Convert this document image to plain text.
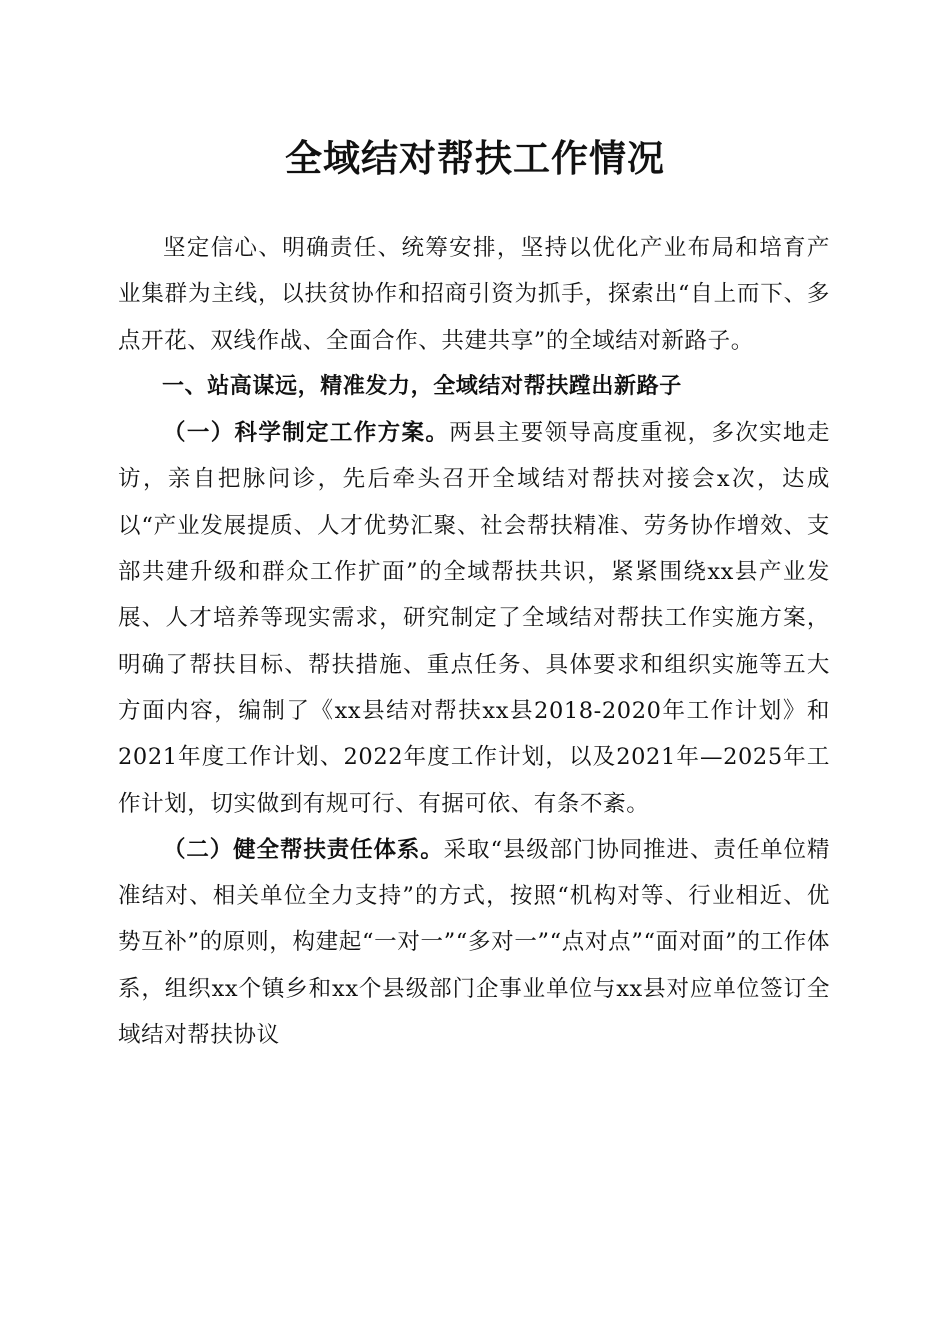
全域结对帮扶工作情况

坚定信心、明确责任、统筹安排，坚持以优化产业布局和培育产业集群为主线，以扶贫协作和招商引资为抓手，探索出“自上而下、多点开花、双线作战、全面合作、共建共享”的全域结对新路子。

一、站高谋远，精准发力，全域结对帮扶蹚出新路子

（一）科学制定工作方案。两县主要领导高度重视，多次实地走访，亲自把脉问诊，先后牵头召开全域结对帮扶对接会x次，达成以“产业发展提质、人才优势汇聚、社会帮扶精准、劳务协作增效、支部共建升级和群众工作扩面”的全域帮扶共识，紧紧围绕xx县产业发展、人才培养等现实需求，研究制定了全域结对帮扶工作实施方案，明确了帮扶目标、帮扶措施、重点任务、具体要求和组织实施等五大方面内容，编制了《xx县结对帮扶xx县2018-2020年工作计划》和2021年度工作计划、2022年度工作计划，以及2021年—2025年工作计划，切实做到有规可行、有据可依、有条不紊。

（二）健全帮扶责任体系。采取“县级部门协同推进、责任单位精准结对、相关单位全力支持”的方式，按照“机构对等、行业相近、优势互补”的原则，构建起“一对一”“多对一”“点对点”“面对面”的工作体系，组织xx个镇乡和xx个县级部门企事业单位与xx县对应单位签订全域结对帮扶协议
